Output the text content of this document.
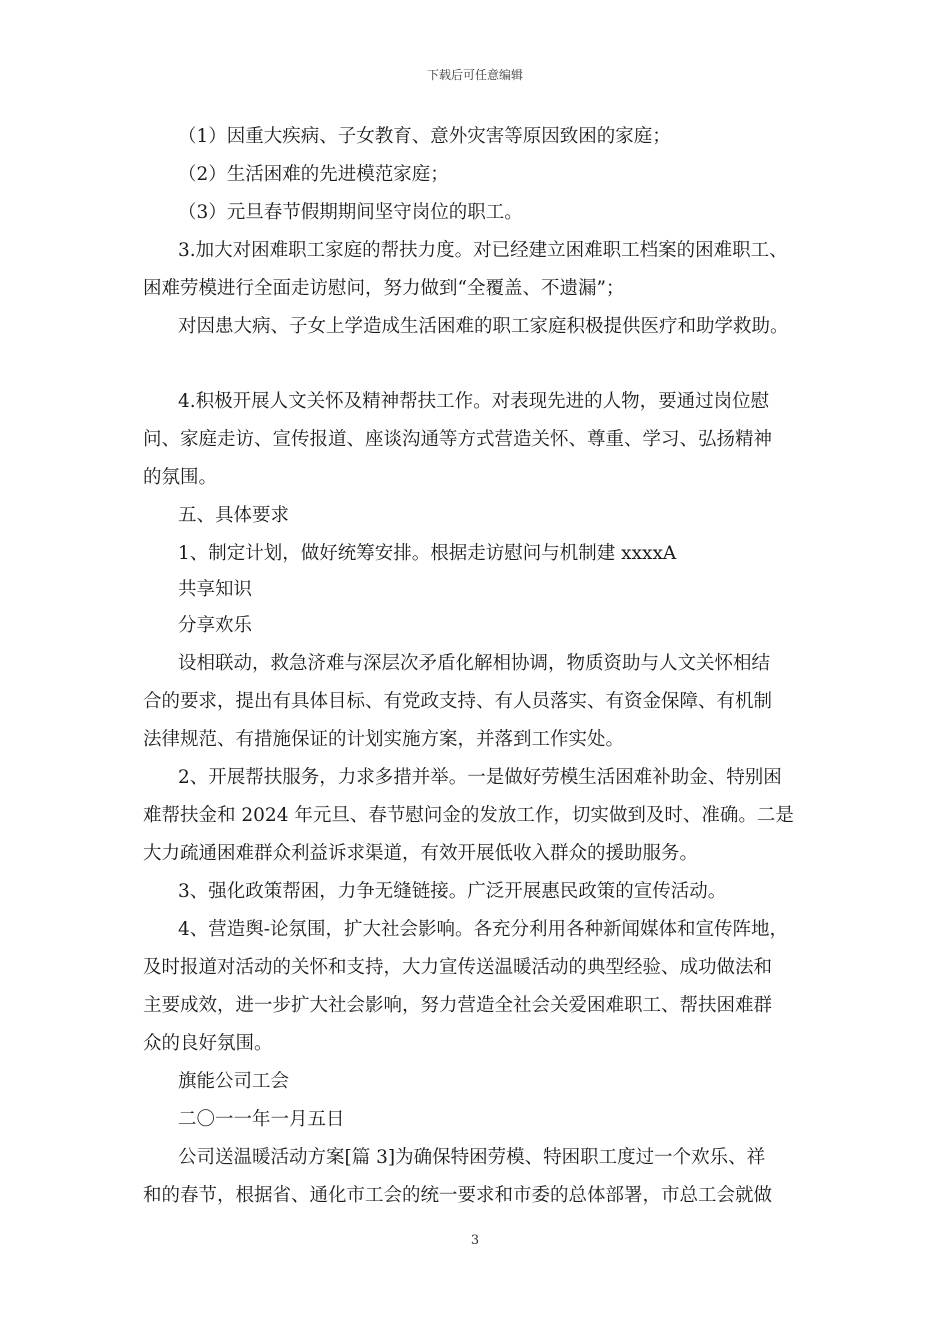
下载后可任意编辑
（1）因重大疾病、子女教育、意外灾害等原因致困的家庭；
（2）生活困难的先进模范家庭；
（3）元旦春节假期期间坚守岗位的职工。
3.加大对困难职工家庭的帮扶力度。对已经建立困难职工档案的困难职工、
困难劳模进行全面走访慰问，努力做到“全覆盖、不遗漏”；
对因患大病、子女上学造成生活困难的职工家庭积极提供医疗和助学救助。
4.积极开展人文关怀及精神帮扶工作。对表现先进的人物，要通过岗位慰
问、家庭走访、宣传报道、座谈沟通等方式营造关怀、尊重、学习、弘扬精神
的氛围。
五、具体要求
1、制定计划，做好统筹安排。根据走访慰问与机制建 xxxxA
共享知识
分享欢乐
设相联动，救急济难与深层次矛盾化解相协调，物质资助与人文关怀相结
合的要求，提出有具体目标、有党政支持、有人员落实、有资金保障、有机制
法律规范、有措施保证的计划实施方案，并落到工作实处。
2、开展帮扶服务，力求多措并举。一是做好劳模生活困难补助金、特别困
难帮扶金和 2024 年元旦、春节慰问金的发放工作，切实做到及时、准确。二是
大力疏通困难群众利益诉求渠道，有效开展低收入群众的援助服务。
3、强化政策帮困，力争无缝链接。广泛开展惠民政策的宣传活动。
4、营造舆-论氛围，扩大社会影响。各充分利用各种新闻媒体和宣传阵地，
及时报道对活动的关怀和支持，大力宣传送温暖活动的典型经验、成功做法和
主要成效，进一步扩大社会影响，努力营造全社会关爱困难职工、帮扶困难群
众的良好氛围。
旗能公司工会
二〇一一年一月五日
公司送温暖活动方案[篇 3]为确保特困劳模、特困职工度过一个欢乐、祥
和的春节，根据省、通化市工会的统一要求和市委的总体部署，市总工会就做
3
